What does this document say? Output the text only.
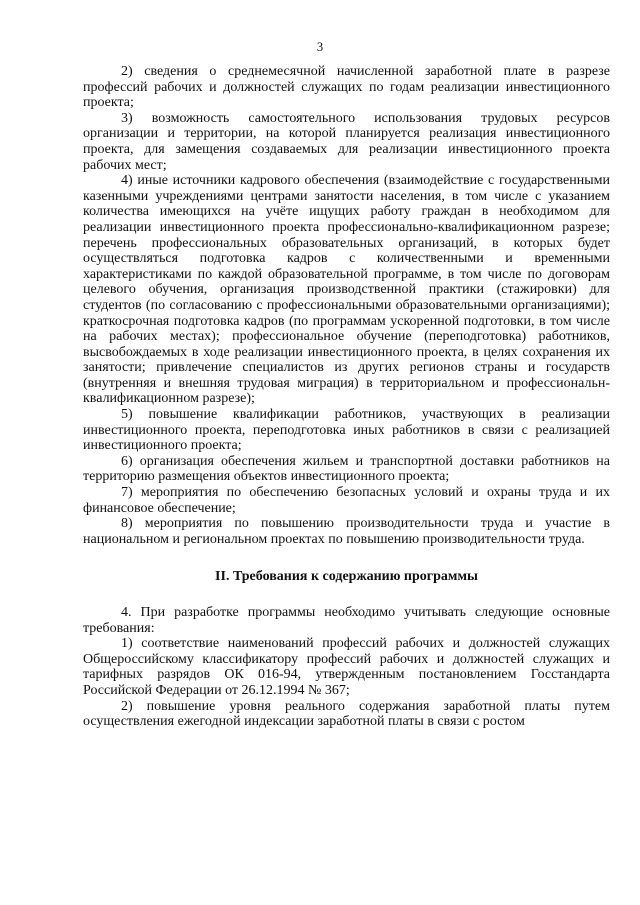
3

2) сведения о среднемесячной начисленной заработной плате в разрезе профессий рабочих и должностей служащих по годам реализации инвестиционного проекта;

3) возможность самостоятельного использования трудовых ресурсов организации и территории, на которой планируется реализация инвестиционного проекта, для замещения создаваемых для реализации инвестиционного проекта рабочих мест;

4) иные источники кадрового обеспечения (взаимодействие с государственными казенными учреждениями центрами занятости населения, в том числе с указанием количества имеющихся на учёте ищущих работу граждан в необходимом для реализации инвестиционного проекта профессионально-квалификационном разрезе; перечень профессиональных образовательных организаций, в которых будет осуществляться подготовка кадров с количественными и временными характеристиками по каждой образовательной программе, в том числе по договорам целевого обучения, организация производственной практики (стажировки) для студентов (по согласованию с профессиональными образовательными организациями); краткосрочная подготовка кадров (по программам ускоренной подготовки, в том числе на рабочих местах); профессиональное обучение (переподготовка) работников, высвобождаемых в ходе реализации инвестиционного проекта, в целях сохранения их занятости; привлечение специалистов из других регионов страны и государств (внутренняя и внешняя трудовая миграция) в территориальном и профессиональн-квалификационном разрезе);

5) повышение квалификации работников, участвующих в реализации инвестиционного проекта, переподготовка иных работников в связи с реализацией инвестиционного проекта;

6) организация обеспечения жильем и транспортной доставки работников на территорию размещения объектов инвестиционного проекта;

7) мероприятия по обеспечению безопасных условий и охраны труда и их финансовое обеспечение;

8) мероприятия по повышению производительности труда и участие в национальном и региональном проектах по повышению производительности труда.

II. Требования к содержанию программы

4. При разработке программы необходимо учитывать следующие основные требования:

1) соответствие наименований профессий рабочих и должностей служащих Общероссийскому классификатору профессий рабочих и должностей служащих и тарифных разрядов ОК 016-94, утвержденным постановлением Госстандарта Российской Федерации от 26.12.1994 № 367;

2) повышение уровня реального содержания заработной платы путем осуществления ежегодной индексации заработной платы в связи с ростом
